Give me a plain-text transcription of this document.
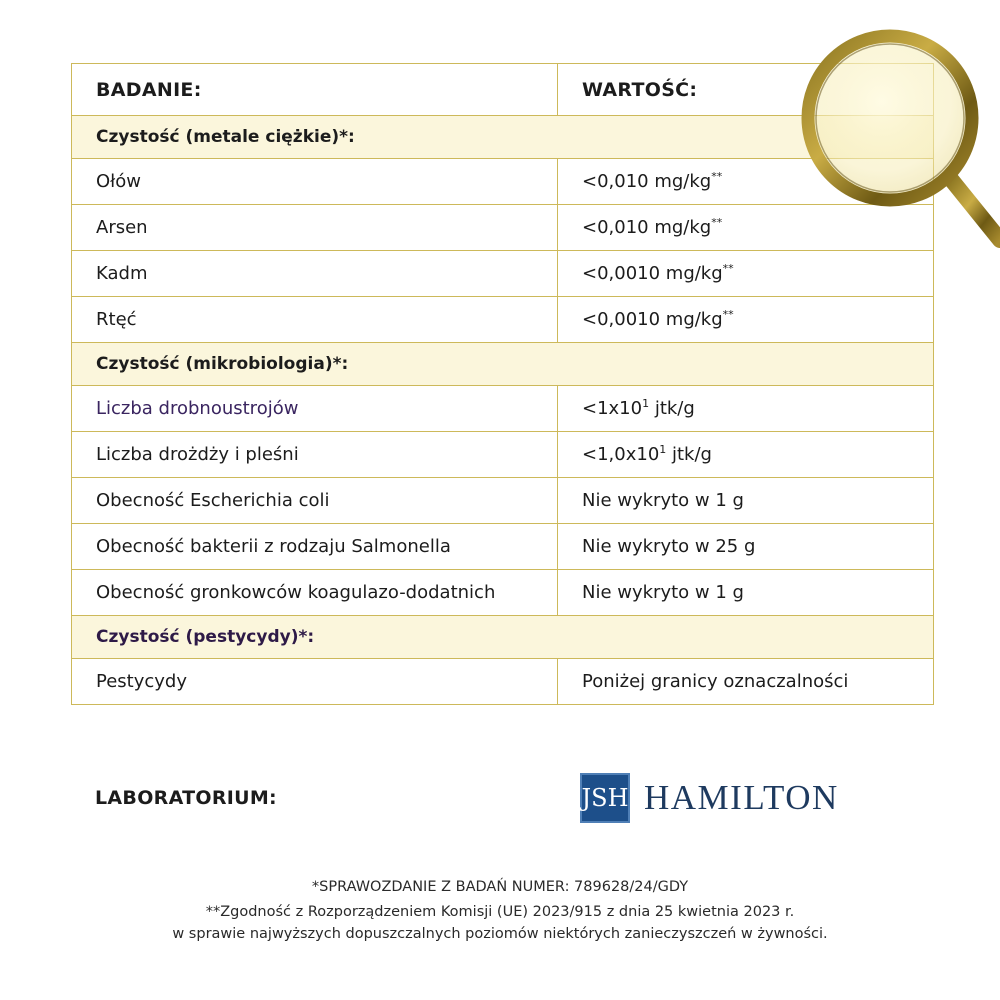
BADANIE:	WARTOŚĆ:
Czystość (metale ciężkie)*:	
Ołów	<0,010 mg/kg**
Arsen	<0,010 mg/kg**
Kadm	<0,0010 mg/kg**
Rtęć	<0,0010 mg/kg**
Czystość (mikrobiologia)*:	
Liczba drobnoustrojów	$<1x10^1$ jtk/g
Liczba drożdży i pleśni	$<1,0x10^1$ jtk/g
Obecność Escherichia coli	Nie wykryto w 1 g
Obecność bakterii z rodzaju Salmonella	Nie wykryto w 25 g
Obecność gronkowców koagulazo-dodatnich	Nie wykryto w 1 g
Czystość (pestycydy)*:	
Pestycydy	Poniżej granicy oznaczalności
LABORATORIUM:	JSH HAMILTON
*SPRAWOZDANIE Z BADAŃ NUMER: 789628/24/GDY
**Zgodność z Rozporządzeniem Komisji (UE) 2023/915 z dnia 25 kwietnia 2023 r.
w sprawie najwyższych dopuszczalnych poziomów niektórych zanieczyszczeń w żywności.
